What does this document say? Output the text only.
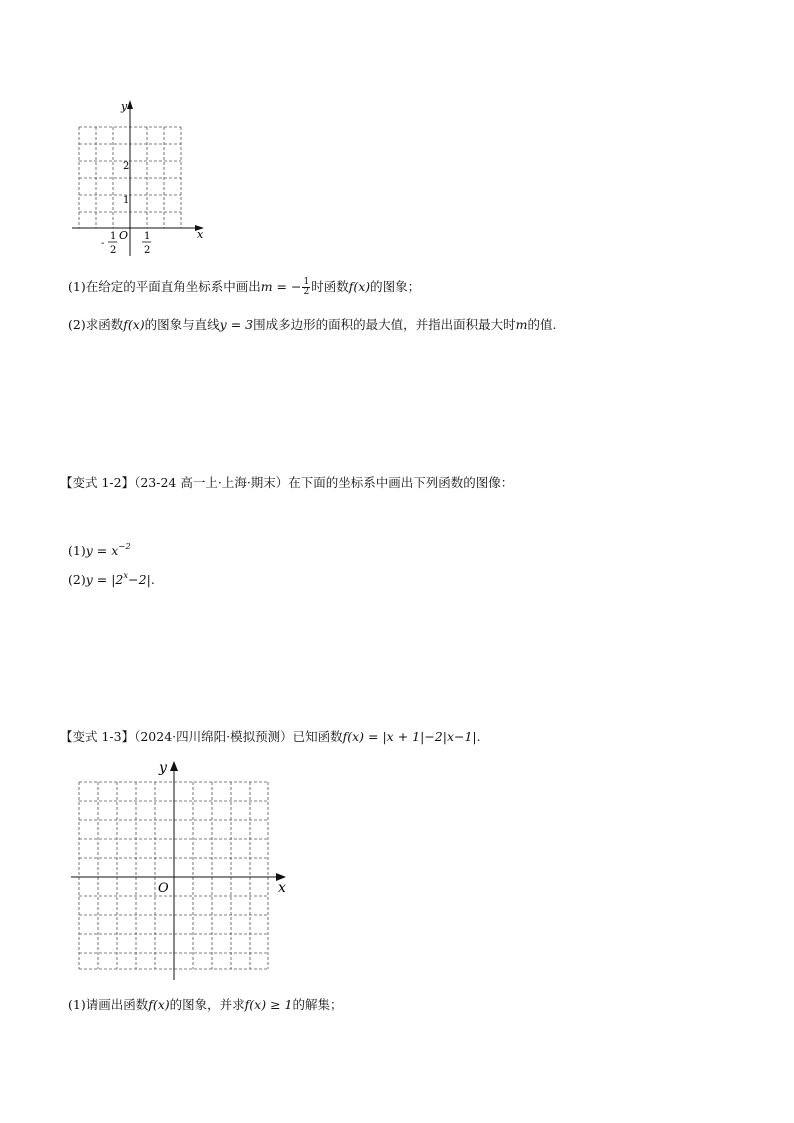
x
y
O
2
1
-
1
2
1
2
(1)在给定的平面直角坐标系中画出m = − $\frac{1}{2}$ 时函数f(x)的图象；
(2)求函数f(x)的图象与直线y = 3围成多边形的面积的最大值，并指出面积最大时m的值.
【变式 1-2】（23-24 高一上·上海·期末）在下面的坐标系中画出下列函数的图像：
$(1)y = x^{-2}$
$(2)y = |2^x-2|$.
【变式 1-3】（2024·四川绵阳·模拟预测）已知函数f(x) = |x + 1|−2|x−1|.
x
y
O
(1)请画出函数f(x)的图象，并求f(x) ≥ 1的解集；
